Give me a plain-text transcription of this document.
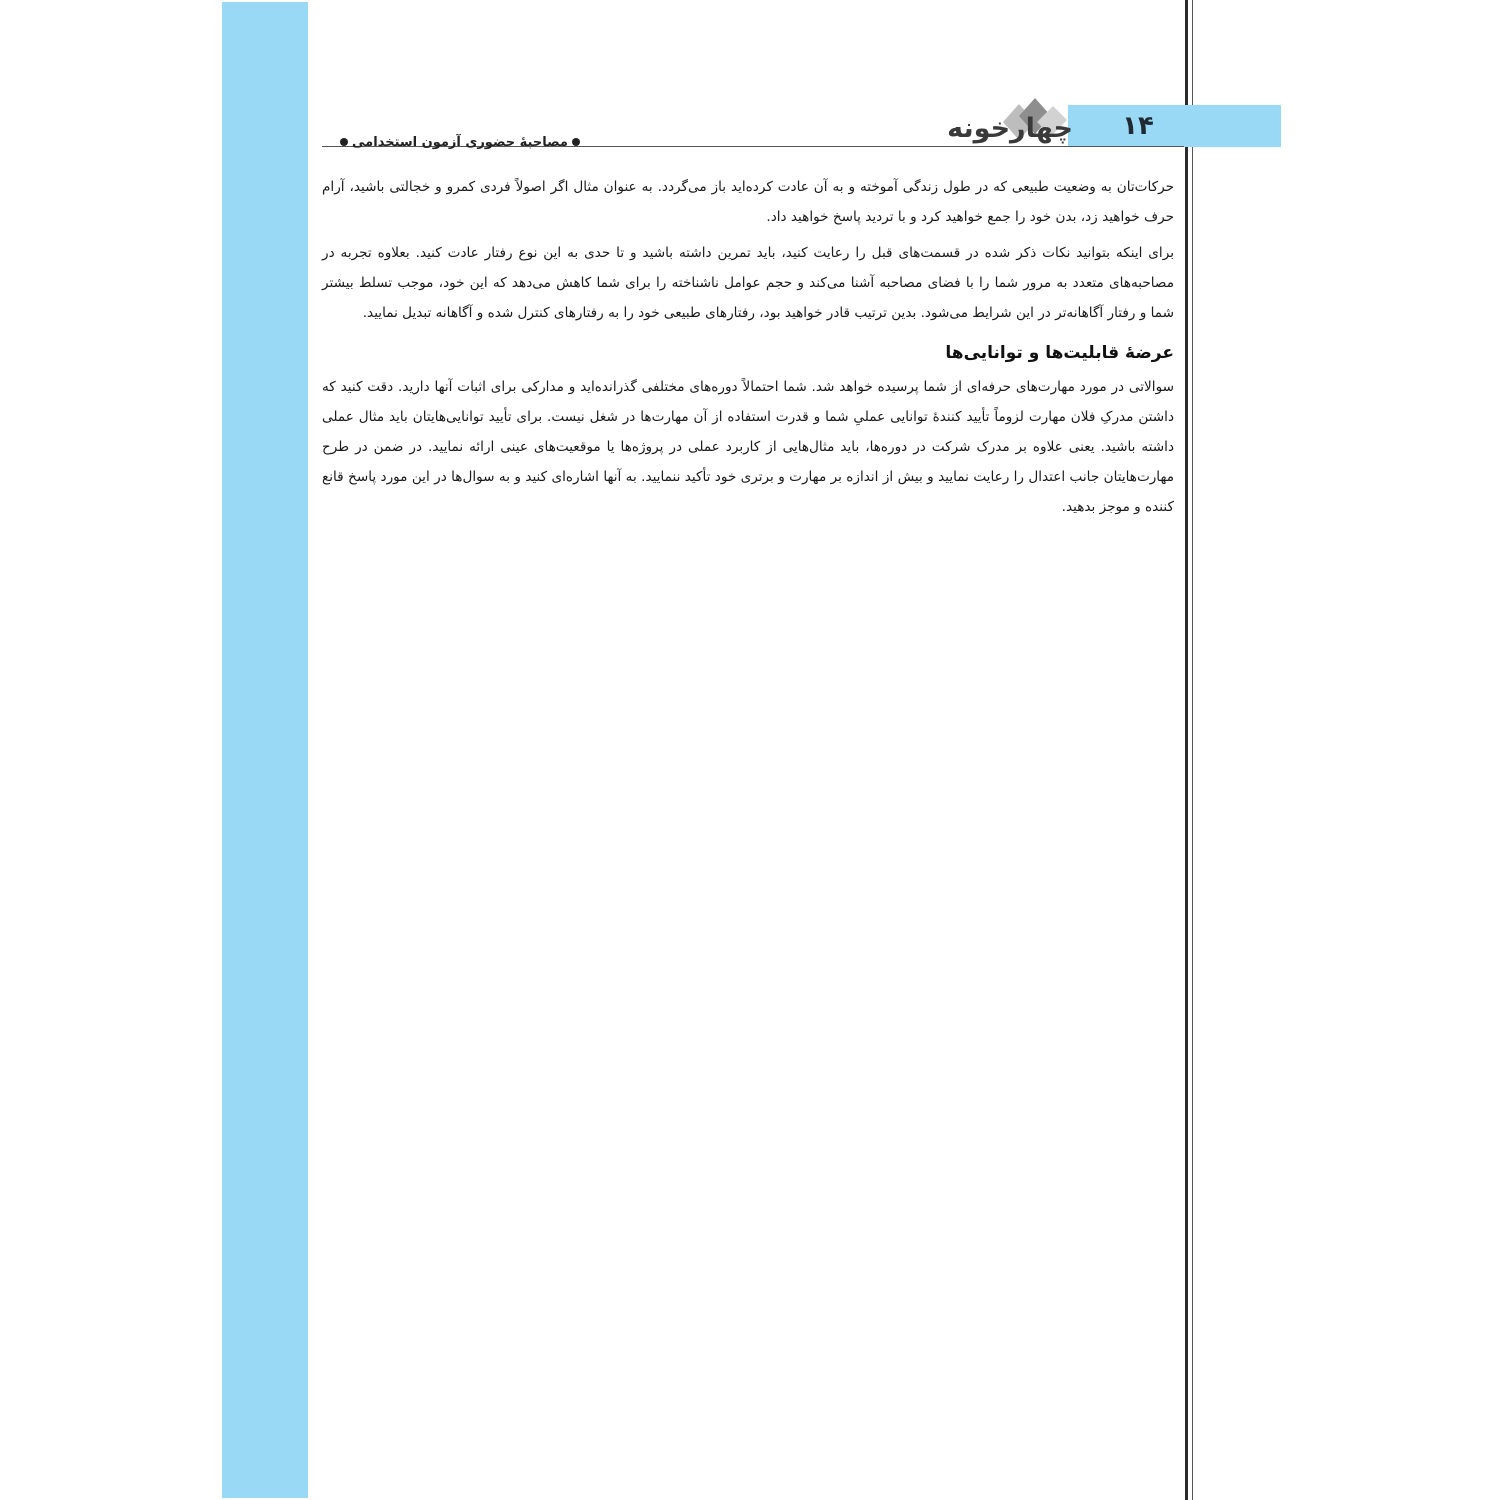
۱۴
چهارخونه
مصاحبهٔ حضوری آزمون استخدامی

حرکات‌تان به وضعیت طبیعی که در طول زندگی آموخته و به آن عادت کرده‌اید باز می‌گردد. به عنوان مثال اگر اصولاً فردی کمرو و خجالتی باشید، آرام حرف خواهید زد، بدن خود را جمع خواهید کرد و با تردید پاسخ خواهید داد.

برای اینکه بتوانید نکات ذکر شده در قسمت‌های قبل را رعایت کنید، باید تمرین داشته باشید و تا حدی به این نوع رفتار عادت کنید. بعلاوه تجربه در مصاحبه‌های متعدد به مرور شما را با فضای مصاحبه آشنا می‌کند و حجم عوامل ناشناخته را برای شما کاهش می‌دهد که این خود، موجب تسلط بیشتر شما و رفتار آگاهانه‌تر در این شرایط می‌شود. بدین ترتیب قادر خواهید بود، رفتارهای طبیعی خود را به رفتارهای کنترل شده و آگاهانه تبدیل نمایید.

عرضهٔ قابلیت‌ها و توانایی‌ها

سوالاتی در مورد مهارت‌های حرفه‌ای از شما پرسیده خواهد شد. شما احتمالاً دوره‌های مختلفی گذرانده‌اید و مدارکی برای اثبات آنها دارید. دقت کنید که داشتن مدرکِ فلان مهارت لزوماً تأیید کنندهٔ توانایی عملیِ شما و قدرت استفاده از آن مهارت‌ها در شغل نیست. برای تأیید توانایی‌هایتان باید مثال عملی داشته باشید. یعنی علاوه بر مدرک شرکت در دوره‌ها، باید مثال‌هایی از کاربرد عملی در پروژه‌ها یا موقعیت‌های عینی ارائه نمایید. در ضمن در طرح مهارت‌هایتان جانب اعتدال را رعایت نمایید و بیش از اندازه بر مهارت و برتری خود تأکید ننمایید. به آنها اشاره‌ای کنید و به سوال‌ها در این مورد پاسخ قانع کننده و موجز بدهید.
